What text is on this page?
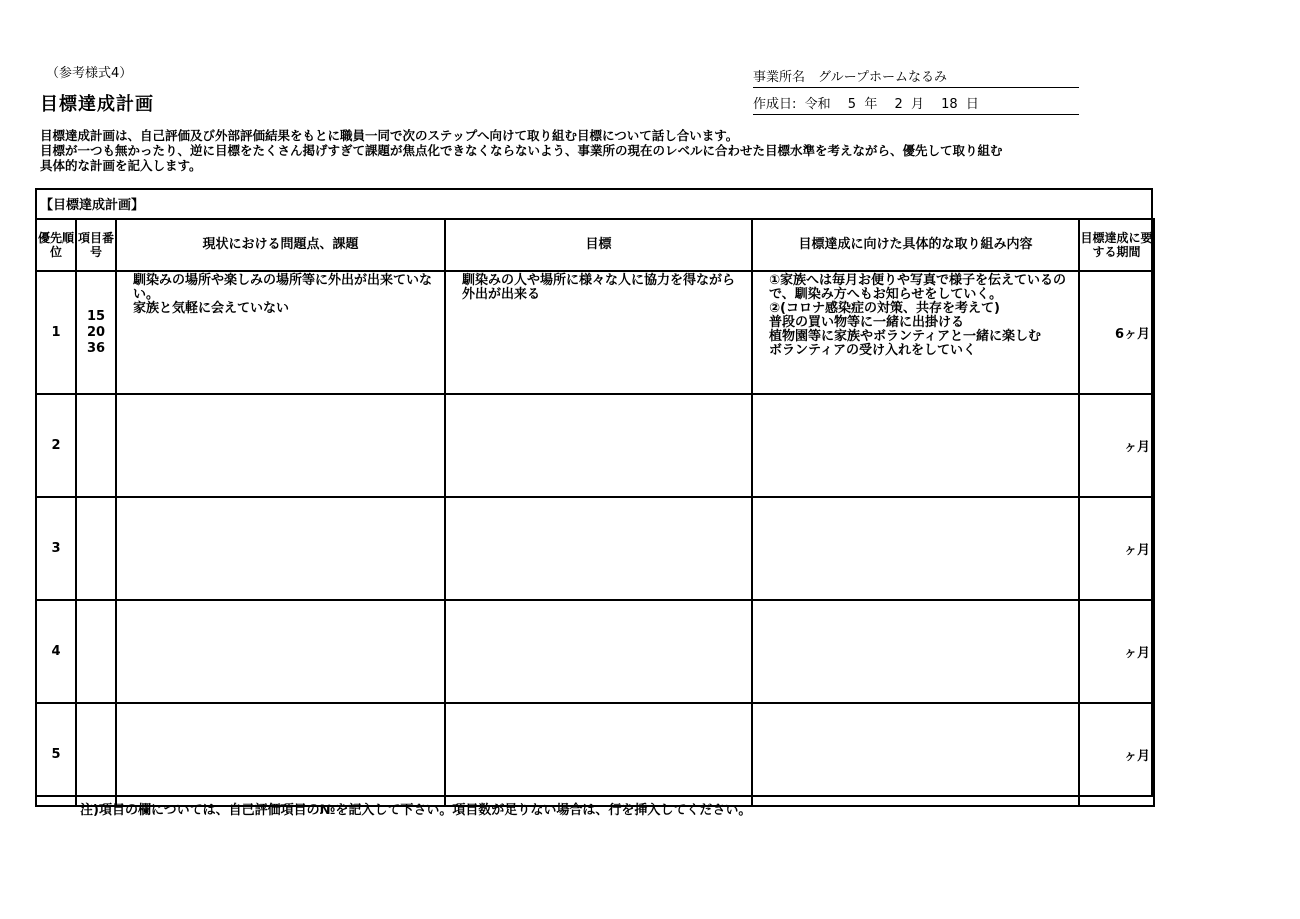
（参考様式4）
目標達成計画
事業所名　グループホームなるみ
作成日:  令和　 5  年 　2  月 　18  日
目標達成計画は、自己評価及び外部評価結果をもとに職員一同で次のステップへ向けて取り組む目標について話し合います。
目標が一つも無かったり、逆に目標をたくさん掲げすぎて課題が焦点化できなくならないよう、事業所の現在のレベルに合わせた目標水準を考えながら、優先して取り組む
具体的な計画を記入します。
【目標達成計画】
優先順位	項目番号	現状における問題点、課題	目標	目標達成に向けた具体的な取り組み内容	目標達成に要する期間
1	15
20
36	馴染みの場所や楽しみの場所等に外出が出来ていない。
家族と気軽に会えていない	馴染みの人や場所に様々な人に協力を得ながら外出が出来る	①家族へは毎月お便りや写真で様子を伝えているので、馴染み方へもお知らせをしていく。
②(コロナ感染症の対策、共存を考えて)
普段の買い物等に一緒に出掛ける
植物園等に家族やボランティアと一緒に楽しむ
ボランティアの受け入れをしていく	6ヶ月
2					ヶ月
3					ヶ月
4					ヶ月
5					ヶ月
注)項目の欄については、自己評価項目の№を記入して下さい。項目数が足りない場合は、行を挿入してください。
